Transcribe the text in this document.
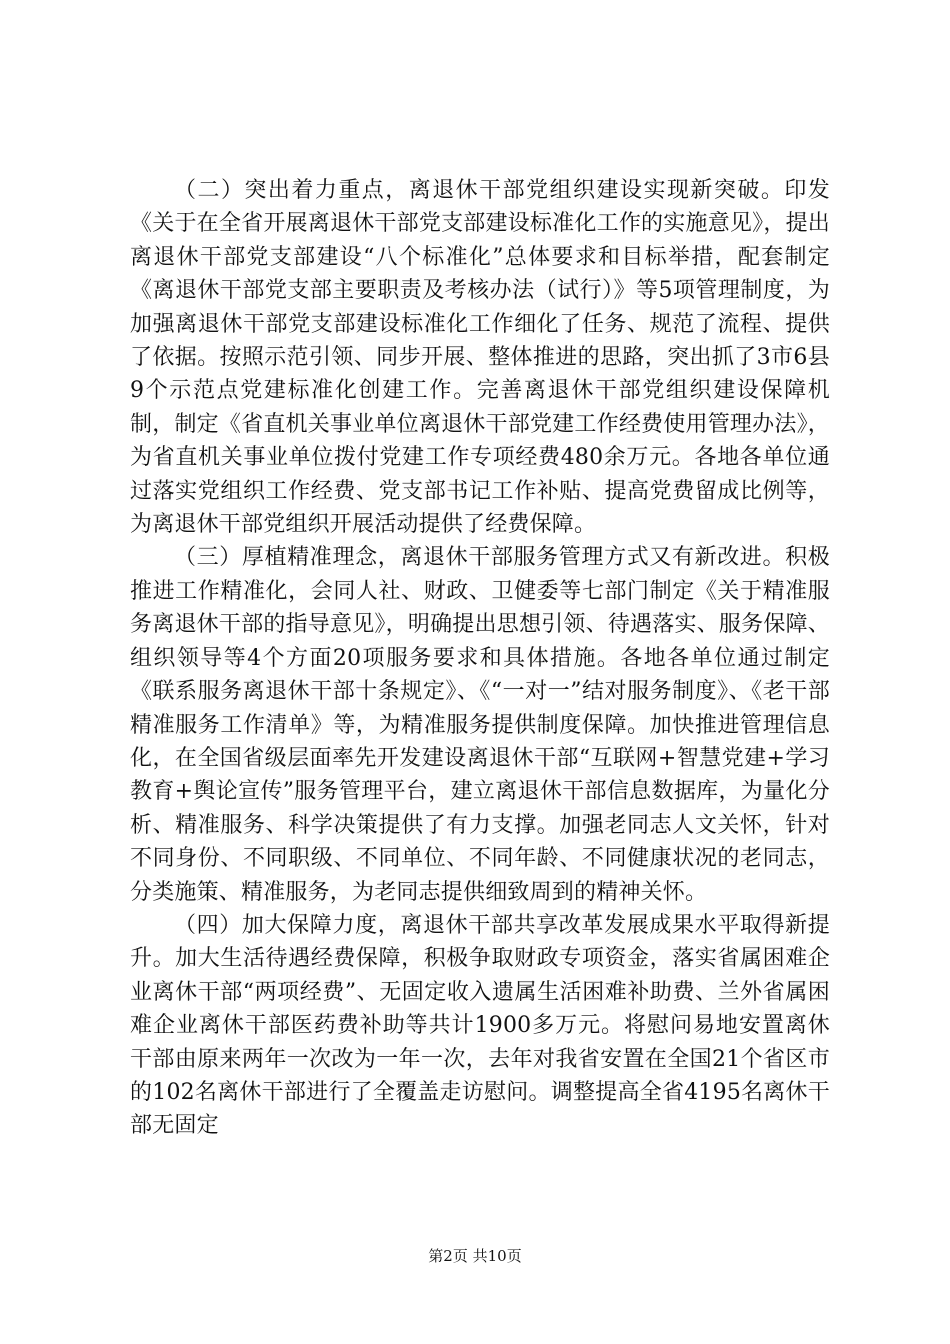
（二）突出着力重点，离退休干部党组织建设实现新突破。印发《关于在全省开展离退休干部党支部建设标准化工作的实施意见》，提出离退休干部党支部建设“八个标准化”总体要求和目标举措，配套制定《离退休干部党支部主要职责及考核办法（试行）》等5项管理制度，为加强离退休干部党支部建设标准化工作细化了任务、规范了流程、提供了依据。按照示范引领、同步开展、整体推进的思路，突出抓了3市6县9个示范点党建标准化创建工作。完善离退休干部党组织建设保障机制，制定《省直机关事业单位离退休干部党建工作经费使用管理办法》，为省直机关事业单位拨付党建工作专项经费480余万元。各地各单位通过落实党组织工作经费、党支部书记工作补贴、提高党费留成比例等，为离退休干部党组织开展活动提供了经费保障。

（三）厚植精准理念，离退休干部服务管理方式又有新改进。积极推进工作精准化，会同人社、财政、卫健委等七部门制定《关于精准服务离退休干部的指导意见》，明确提出思想引领、待遇落实、服务保障、组织领导等4个方面20项服务要求和具体措施。各地各单位通过制定《联系服务离退休干部十条规定》、《“一对一”结对服务制度》、《老干部精准服务工作清单》等，为精准服务提供制度保障。加快推进管理信息化，在全国省级层面率先开发建设离退休干部“互联网+智慧党建+学习教育+舆论宣传”服务管理平台，建立离退休干部信息数据库，为量化分析、精准服务、科学决策提供了有力支撑。加强老同志人文关怀，针对不同身份、不同职级、不同单位、不同年龄、不同健康状况的老同志，分类施策、精准服务，为老同志提供细致周到的精神关怀。

（四）加大保障力度，离退休干部共享改革发展成果水平取得新提升。加大生活待遇经费保障，积极争取财政专项资金，落实省属困难企业离休干部“两项经费”、无固定收入遗属生活困难补助费、兰外省属困难企业离休干部医药费补助等共计1900多万元。将慰问易地安置离休干部由原来两年一次改为一年一次，去年对我省安置在全国21个省区市的102名离休干部进行了全覆盖走访慰问。调整提高全省4195名离休干部无固定

第2页 共10页
